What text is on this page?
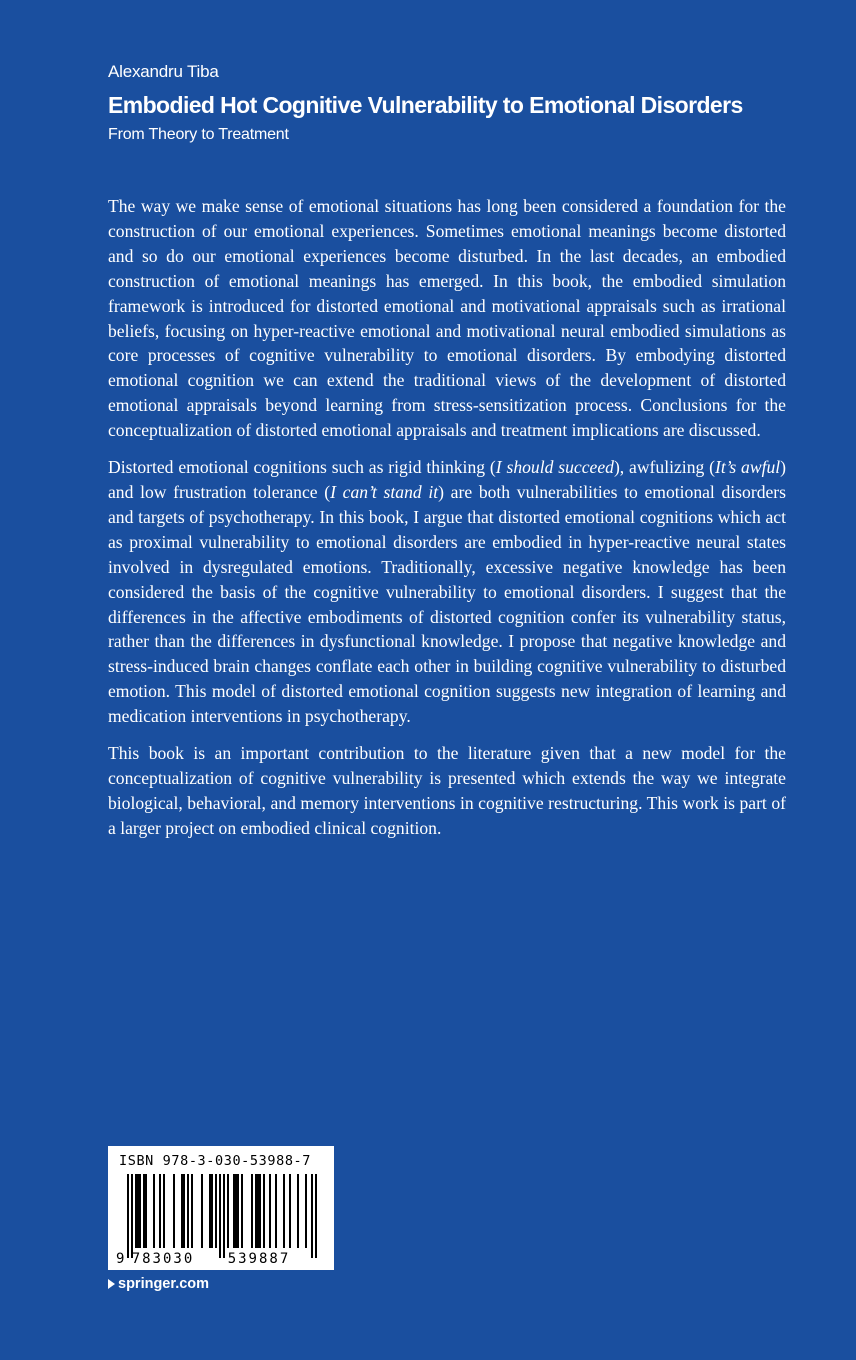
Alexandru Tiba
Embodied Hot Cognitive Vulnerability to Emotional Disorders
From Theory to Treatment

The way we make sense of emotional situations has long been considered a foundation for the construction of our emotional experiences. Sometimes emotional meanings become distorted and so do our emotional experiences become disturbed. In the last decades, an embodied construction of emotional meanings has emerged. In this book, the embodied simulation framework is introduced for distorted emotional and motivational appraisals such as irrational beliefs, focusing on hyper-reactive emotional and motivational neural embodied simulations as core processes of cognitive vulnerability to emotional disorders. By embodying distorted emotional cognition we can extend the traditional views of the development of distorted emotional appraisals beyond learning from stress-sensitization process. Conclusions for the conceptualization of distorted emotional appraisals and treatment implications are discussed.

Distorted emotional cognitions such as rigid thinking (I should succeed), awfulizing (It’s awful) and low frustration tolerance (I can’t stand it) are both vulnerabilities to emotional disorders and targets of psychotherapy. In this book, I argue that distorted emotional cognitions which act as proximal vulnerability to emotional disorders are embodied in hyper-reactive neural states involved in dysregulated emotions. Traditionally, excessive negative knowledge has been considered the basis of the cognitive vulnerability to emotional disorders. I suggest that the differences in the affective embodiments of distorted cognition confer its vulnerability status, rather than the differences in dysfunctional knowledge. I propose that negative knowledge and stress-induced brain changes conflate each other in building cognitive vulnerability to disturbed emotion. This model of distorted emotional cognition suggests new integration of learning and medication interventions in psychotherapy.

This book is an important contribution to the literature given that a new model for the conceptualization of cognitive vulnerability is presented which extends the way we integrate biological, behavioral, and memory interventions in cognitive restructuring. This work is part of a larger project on embodied clinical cognition.

ISBN 978-3-030-53988-7
9 783030 539887
springer.com
